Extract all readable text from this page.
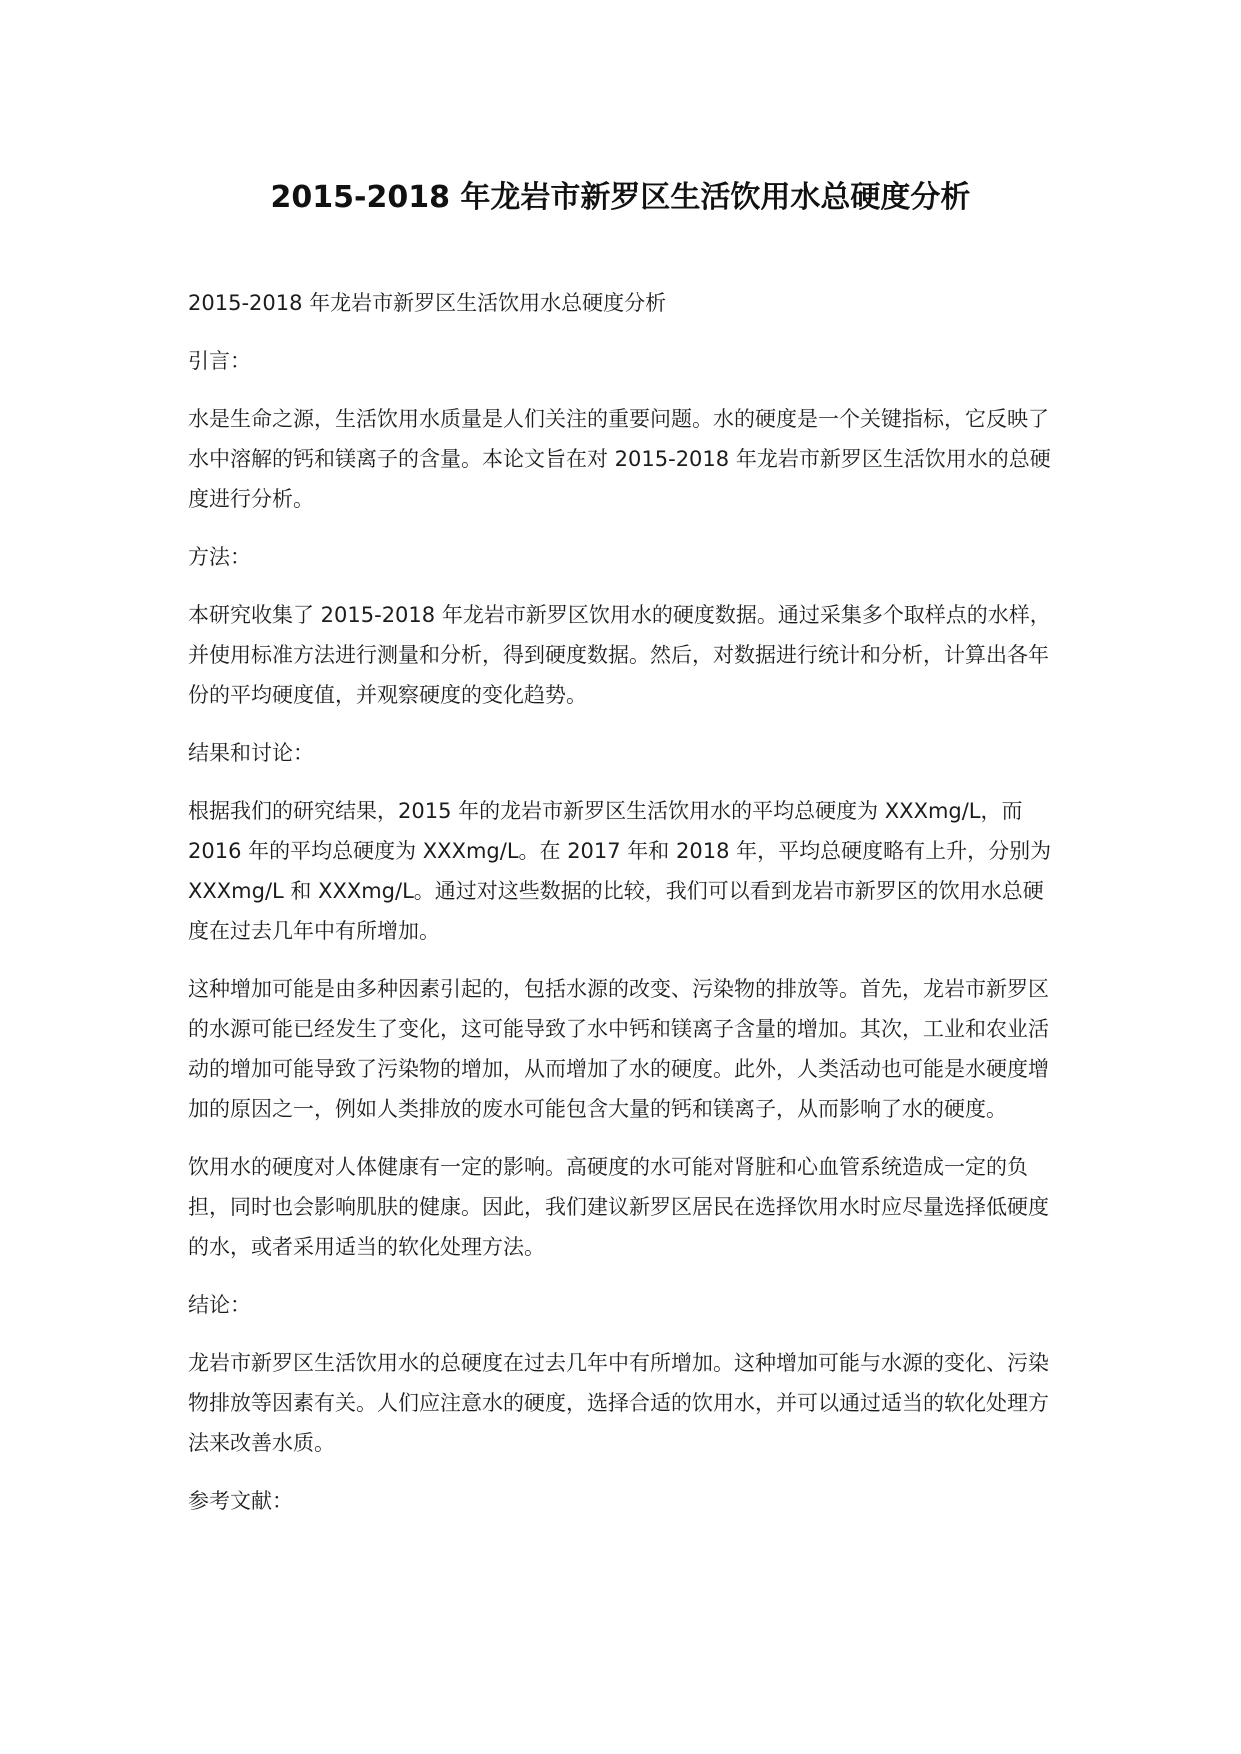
2015-2018 年龙岩市新罗区生活饮用水总硬度分析

2015-2018 年龙岩市新罗区生活饮用水总硬度分析

引言：

水是生命之源，生活饮用水质量是人们关注的重要问题。水的硬度是一个关键指标，它反映了水中溶解的钙和镁离子的含量。本论文旨在对 2015-2018 年龙岩市新罗区生活饮用水的总硬度进行分析。

方法：

本研究收集了 2015-2018 年龙岩市新罗区饮用水的硬度数据。通过采集多个取样点的水样，并使用标准方法进行测量和分析，得到硬度数据。然后，对数据进行统计和分析，计算出各年份的平均硬度值，并观察硬度的变化趋势。

结果和讨论：

根据我们的研究结果，2015 年的龙岩市新罗区生活饮用水的平均总硬度为 XXXmg/L，而 2016 年的平均总硬度为 XXXmg/L。在 2017 年和 2018 年，平均总硬度略有上升，分别为 XXXmg/L 和 XXXmg/L。通过对这些数据的比较，我们可以看到龙岩市新罗区的饮用水总硬度在过去几年中有所增加。

这种增加可能是由多种因素引起的，包括水源的改变、污染物的排放等。首先，龙岩市新罗区的水源可能已经发生了变化，这可能导致了水中钙和镁离子含量的增加。其次，工业和农业活动的增加可能导致了污染物的增加，从而增加了水的硬度。此外，人类活动也可能是水硬度增加的原因之一，例如人类排放的废水可能包含大量的钙和镁离子，从而影响了水的硬度。

饮用水的硬度对人体健康有一定的影响。高硬度的水可能对肾脏和心血管系统造成一定的负担，同时也会影响肌肤的健康。因此，我们建议新罗区居民在选择饮用水时应尽量选择低硬度的水，或者采用适当的软化处理方法。

结论：

龙岩市新罗区生活饮用水的总硬度在过去几年中有所增加。这种增加可能与水源的变化、污染物排放等因素有关。人们应注意水的硬度，选择合适的饮用水，并可以通过适当的软化处理方法来改善水质。

参考文献：
